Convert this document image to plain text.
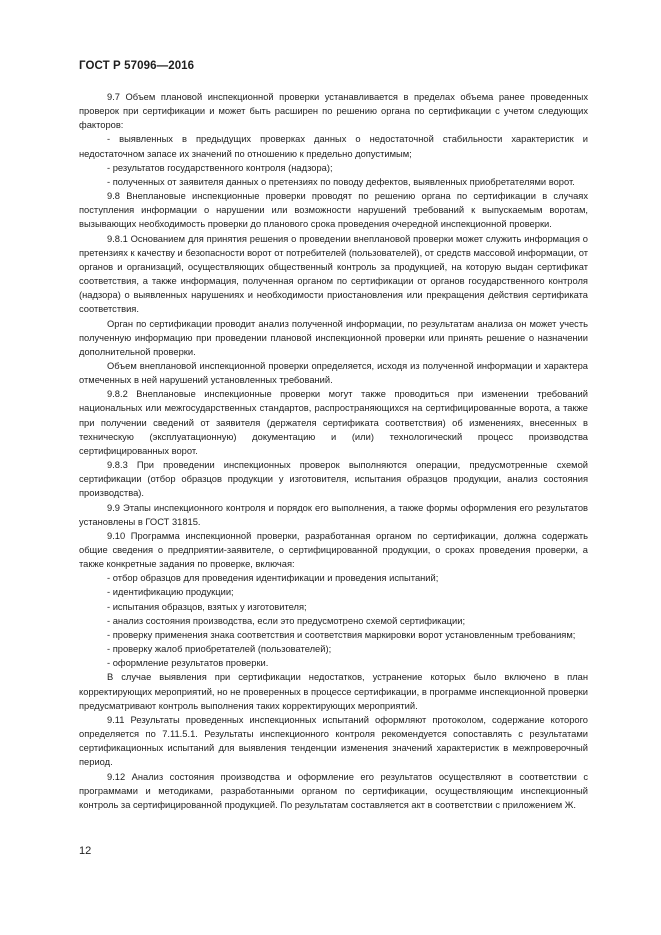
ГОСТ Р 57096—2016

9.7 Объем плановой инспекционной проверки устанавливается в пределах объема ранее проведенных проверок при сертификации и может быть расширен по решению органа по сертификации с учетом следующих факторов:

- выявленных в предыдущих проверках данных о недостаточной стабильности характеристик и недостаточном запасе их значений по отношению к предельно допустимым;

- результатов государственного контроля (надзора);

- полученных от заявителя данных о претензиях по поводу дефектов, выявленных приобретателями ворот.

9.8 Внеплановые инспекционные проверки проводят по решению органа по сертификации в случаях поступления информации о нарушении или возможности нарушений требований к выпускаемым воротам, вызывающих необходимость проверки до планового срока проведения очередной инспекционной проверки.

9.8.1 Основанием для принятия решения о проведении внеплановой проверки может служить информация о претензиях к качеству и безопасности ворот от потребителей (пользователей), от средств массовой информации, от органов и организаций, осуществляющих общественный контроль за продукцией, на которую выдан сертификат соответствия, а также информация, полученная органом по сертификации от органов государственного контроля (надзора) о выявленных нарушениях и необходимости приостановления или прекращения действия сертификата соответствия.

Орган по сертификации проводит анализ полученной информации, по результатам анализа он может учесть полученную информацию при проведении плановой инспекционной проверки или принять решение о назначении дополнительной проверки.

Объем внеплановой инспекционной проверки определяется, исходя из полученной информации и характера отмеченных в ней нарушений установленных требований.

9.8.2 Внеплановые инспекционные проверки могут также проводиться при изменении требований национальных или межгосударственных стандартов, распространяющихся на сертифицированные ворота, а также при получении сведений от заявителя (держателя сертификата соответствия) об изменениях, внесенных в техническую (эксплуатационную) документацию и (или) технологический процесс производства сертифицированных ворот.

9.8.3 При проведении инспекционных проверок выполняются операции, предусмотренные схемой сертификации (отбор образцов продукции у изготовителя, испытания образцов продукции, анализ состояния производства).

9.9 Этапы инспекционного контроля и порядок его выполнения, а также формы оформления его результатов установлены в ГОСТ 31815.

9.10 Программа инспекционной проверки, разработанная органом по сертификации, должна содержать общие сведения о предприятии-заявителе, о сертифицированной продукции, о сроках проведения проверки, а также конкретные задания по проверке, включая:

- отбор образцов для проведения идентификации и проведения испытаний;

- идентификацию продукции;

- испытания образцов, взятых у изготовителя;

- анализ состояния производства, если это предусмотрено схемой сертификации;

- проверку применения знака соответствия и соответствия маркировки ворот установленным требованиям;

- проверку жалоб приобретателей (пользователей);

- оформление результатов проверки.

В случае выявления при сертификации недостатков, устранение которых было включено в план корректирующих мероприятий, но не проверенных в процессе сертификации, в программе инспекционной проверки предусматривают контроль выполнения таких корректирующих мероприятий.

9.11 Результаты проведенных инспекционных испытаний оформляют протоколом, содержание которого определяется по 7.11.5.1. Результаты инспекционного контроля рекомендуется сопоставлять с результатами сертификационных испытаний для выявления тенденции изменения значений характеристик в межпроверочный период.

9.12 Анализ состояния производства и оформление его результатов осуществляют в соответствии с программами и методиками, разработанными органом по сертификации, осуществляющим инспекционный контроль за сертифицированной продукцией. По результатам составляется акт в соответствии с приложением Ж.

12
